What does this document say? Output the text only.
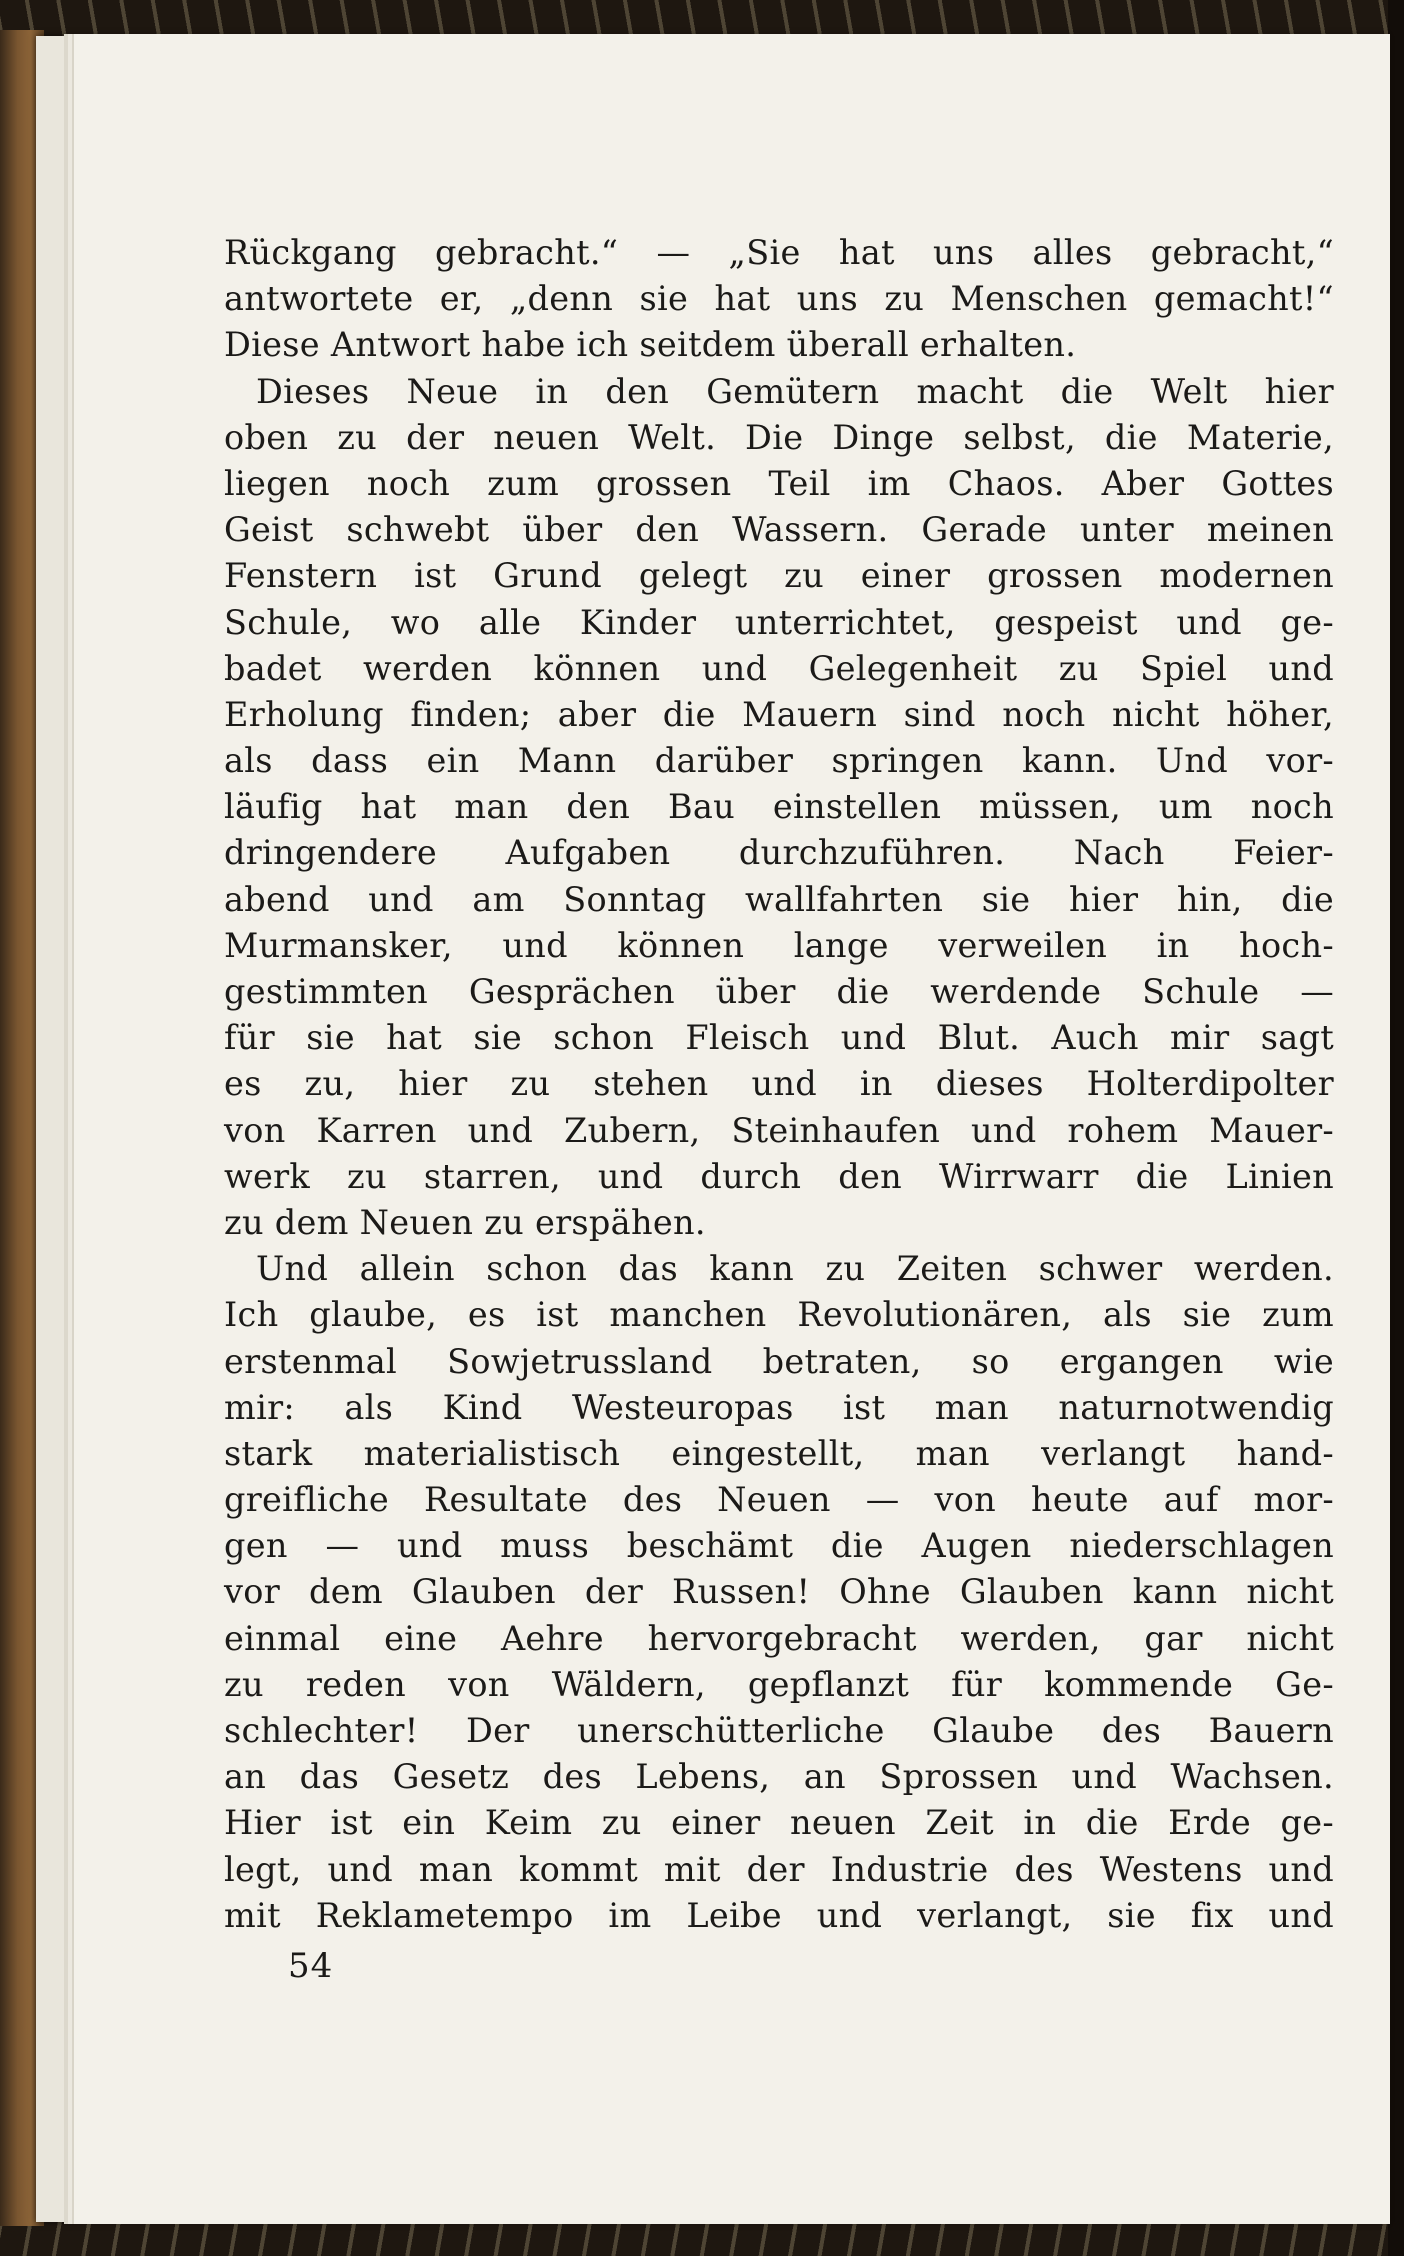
Rückgang gebracht.“ — „Sie hat uns alles gebracht,“
antwortete er, „denn sie hat uns zu Menschen gemacht!“
Diese Antwort habe ich seitdem überall erhalten.
Dieses Neue in den Gemütern macht die Welt hier
oben zu der neuen Welt. Die Dinge selbst, die Materie,
liegen noch zum grossen Teil im Chaos. Aber Gottes
Geist schwebt über den Wassern. Gerade unter meinen
Fenstern ist Grund gelegt zu einer grossen modernen
Schule, wo alle Kinder unterrichtet, gespeist und ge-
badet werden können und Gelegenheit zu Spiel und
Erholung finden; aber die Mauern sind noch nicht höher,
als dass ein Mann darüber springen kann. Und vor-
läufig hat man den Bau einstellen müssen, um noch
dringendere Aufgaben durchzuführen. Nach Feier-
abend und am Sonntag wallfahrten sie hier hin, die
Murmansker, und können lange verweilen in hoch-
gestimmten Gesprächen über die werdende Schule —
für sie hat sie schon Fleisch und Blut. Auch mir sagt
es zu, hier zu stehen und in dieses Holterdipolter
von Karren und Zubern, Steinhaufen und rohem Mauer-
werk zu starren, und durch den Wirrwarr die Linien
zu dem Neuen zu erspähen.
Und allein schon das kann zu Zeiten schwer werden.
Ich glaube, es ist manchen Revolutionären, als sie zum
erstenmal Sowjetrussland betraten, so ergangen wie
mir: als Kind Westeuropas ist man naturnotwendig
stark materialistisch eingestellt, man verlangt hand-
greifliche Resultate des Neuen — von heute auf mor-
gen — und muss beschämt die Augen niederschlagen
vor dem Glauben der Russen! Ohne Glauben kann nicht
einmal eine Aehre hervorgebracht werden, gar nicht
zu reden von Wäldern, gepflanzt für kommende Ge-
schlechter! Der unerschütterliche Glaube des Bauern
an das Gesetz des Lebens, an Sprossen und Wachsen.
Hier ist ein Keim zu einer neuen Zeit in die Erde ge-
legt, und man kommt mit der Industrie des Westens und
mit Reklametempo im Leibe und verlangt, sie fix und
54
